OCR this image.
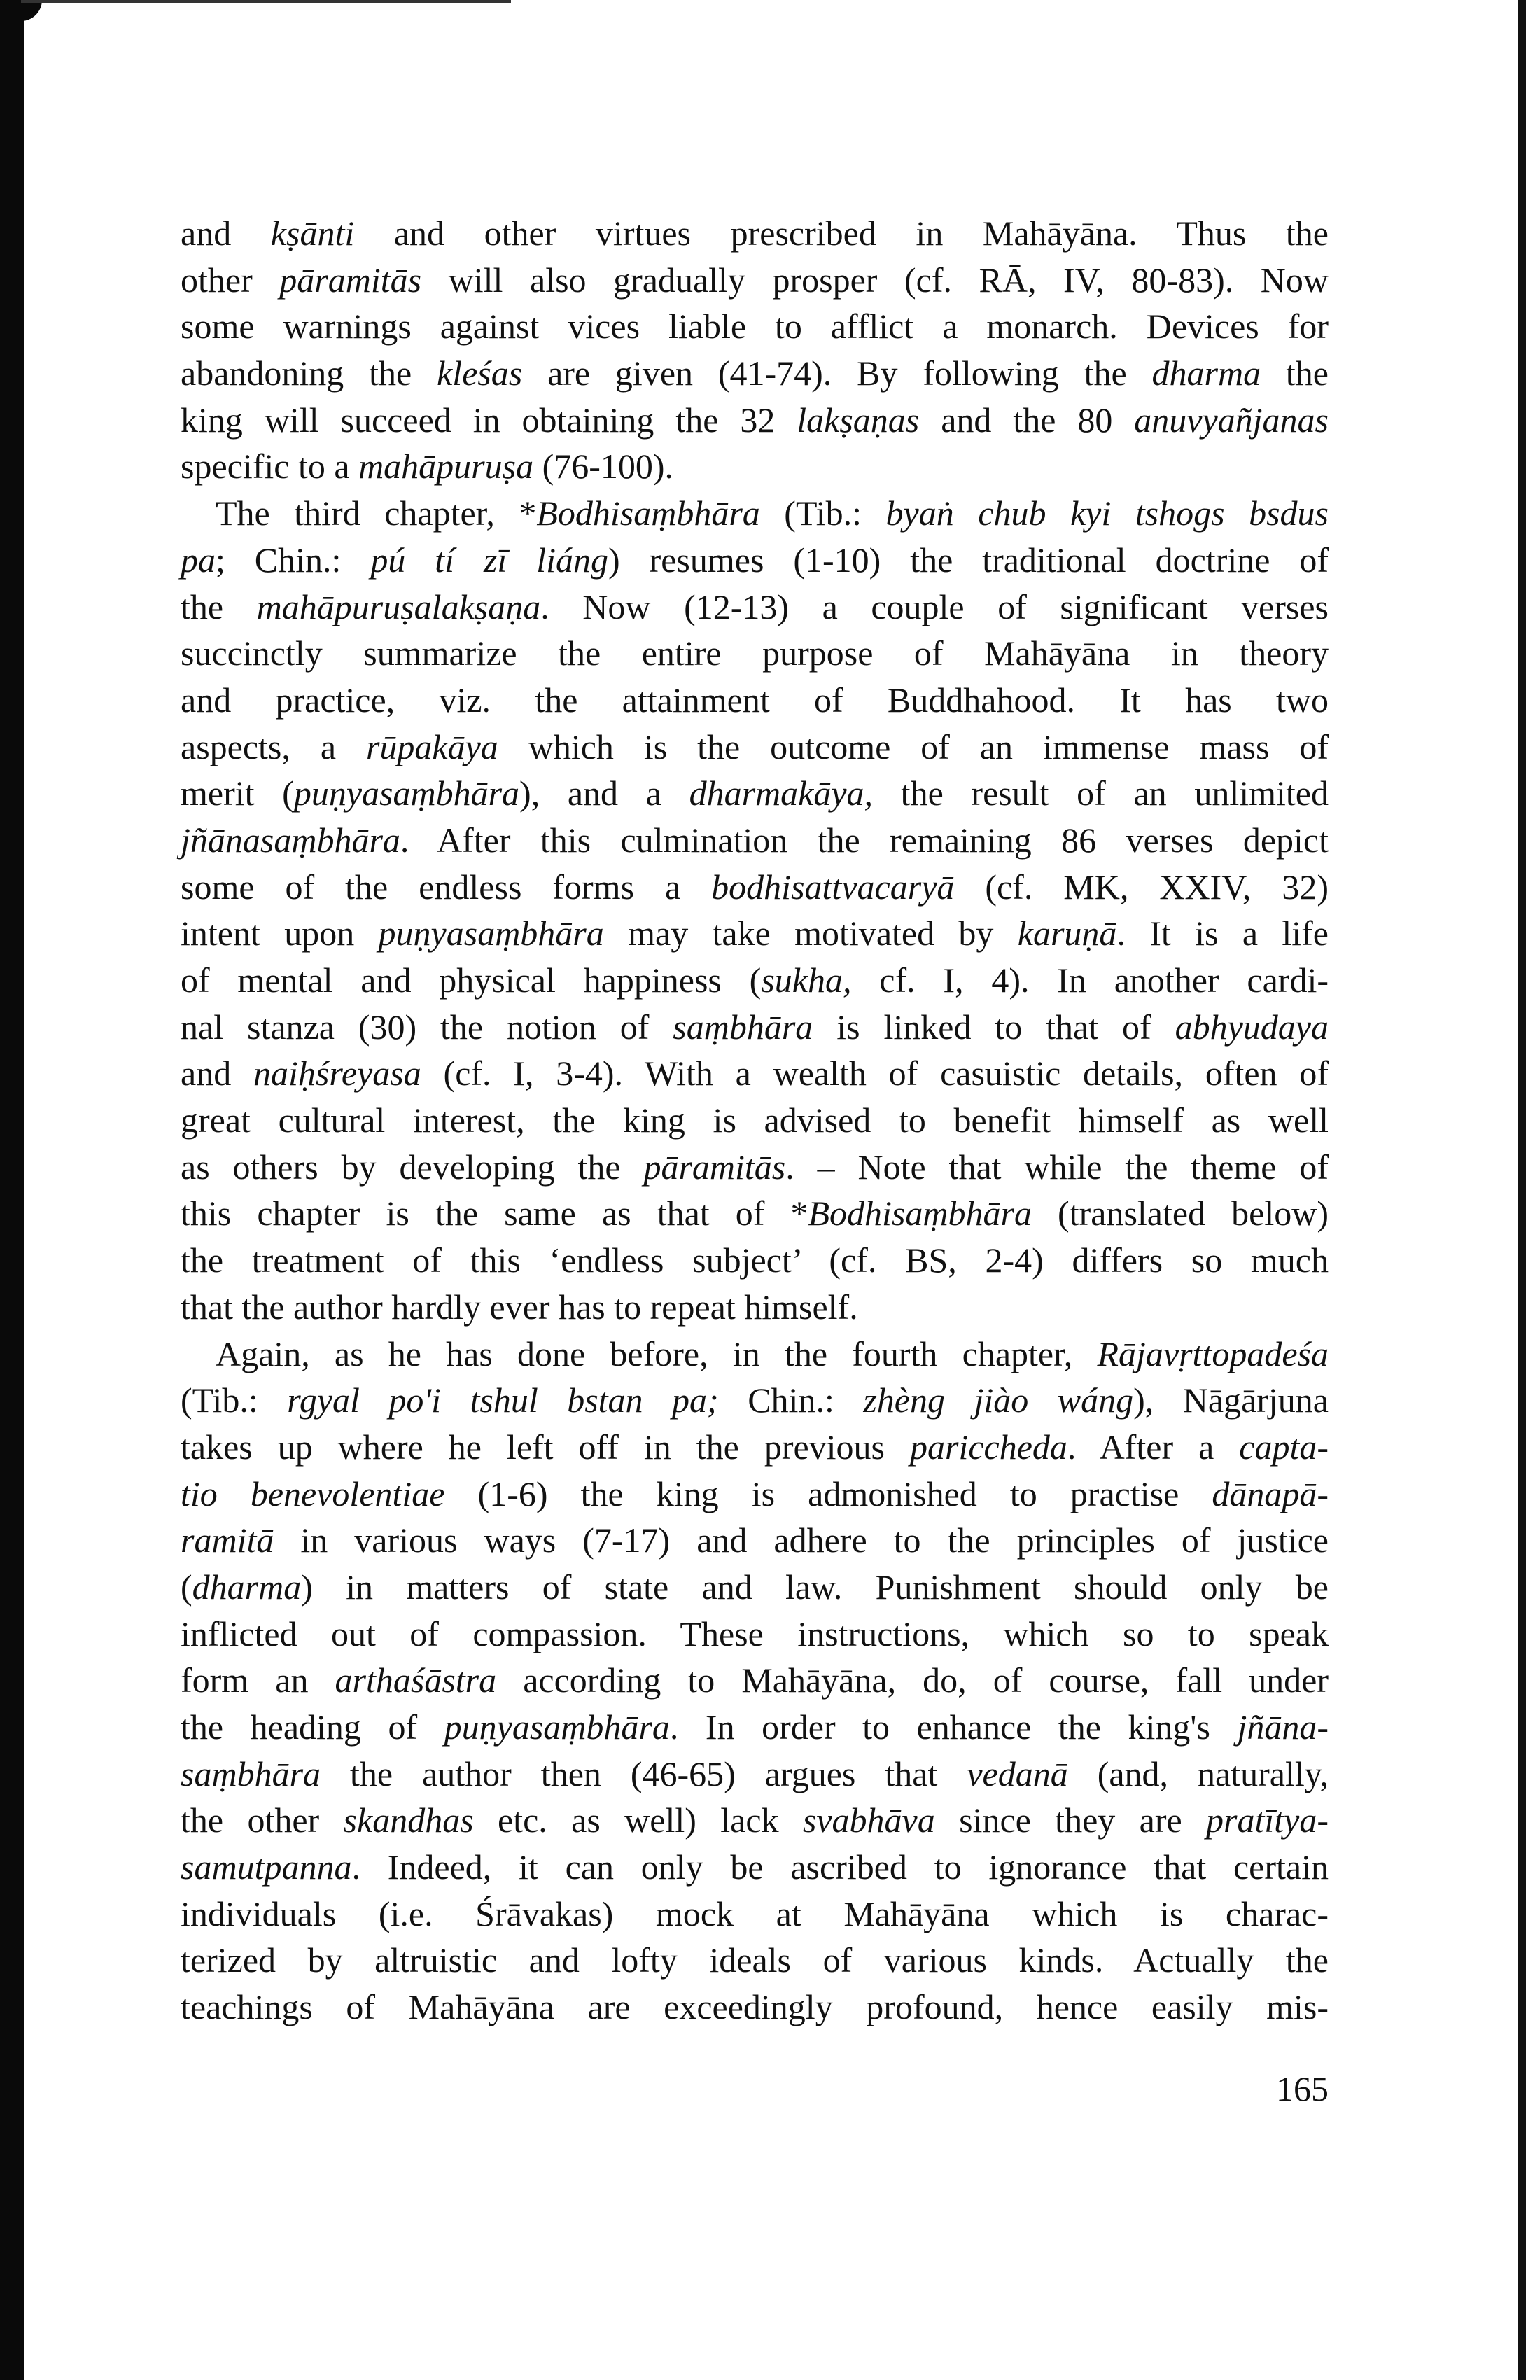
and kṣānti and other virtues prescribed in Mahāyāna. Thus the
other pāramitās will also gradually prosper (cf. RĀ, IV, 80-83). Now
some warnings against vices liable to afflict a monarch. Devices for
abandoning the kleśas are given (41-74). By following the dharma the
king will succeed in obtaining the 32 lakṣaṇas and the 80 anuvyañjanas
specific to a mahāpuruṣa (76-100).
The third chapter, *Bodhisaṃbhāra (Tib.: byaṅ chub kyi tshogs bsdus
pa; Chin.: pú tí zī liáng) resumes (1-10) the traditional doctrine of
the mahāpuruṣalakṣaṇa. Now (12-13) a couple of significant verses
succinctly summarize the entire purpose of Mahāyāna in theory
and practice, viz. the attainment of Buddhahood. It has two
aspects, a rūpakāya which is the outcome of an immense mass of
merit (puṇyasaṃbhāra), and a dharmakāya, the result of an unlimited
jñānasaṃbhāra. After this culmination the remaining 86 verses depict
some of the endless forms a bodhisattvacaryā (cf. MK, XXIV, 32)
intent upon puṇyasaṃbhāra may take motivated by karuṇā. It is a life
of mental and physical happiness (sukha, cf. I, 4). In another cardi-
nal stanza (30) the notion of saṃbhāra is linked to that of abhyudaya
and naiḥśreyasa (cf. I, 3-4). With a wealth of casuistic details, often of
great cultural interest, the king is advised to benefit himself as well
as others by developing the pāramitās. – Note that while the theme of
this chapter is the same as that of *Bodhisaṃbhāra (translated below)
the treatment of this ‘endless subject’ (cf. BS, 2-4) differs so much
that the author hardly ever has to repeat himself.
Again, as he has done before, in the fourth chapter, Rājavṛttopadeśa
(Tib.: rgyal po'i tshul bstan pa; Chin.: zhèng jiào wáng), Nāgārjuna
takes up where he left off in the previous pariccheda. After a capta-
tio benevolentiae (1-6) the king is admonished to practise dānapā-
ramitā in various ways (7-17) and adhere to the principles of justice
(dharma) in matters of state and law. Punishment should only be
inflicted out of compassion. These instructions, which so to speak
form an arthaśāstra according to Mahāyāna, do, of course, fall under
the heading of puṇyasaṃbhāra. In order to enhance the king's jñāna-
saṃbhāra the author then (46-65) argues that vedanā (and, naturally,
the other skandhas etc. as well) lack svabhāva since they are pratītya-
samutpanna. Indeed, it can only be ascribed to ignorance that certain
individuals (i.e. Śrāvakas) mock at Mahāyāna which is charac-
terized by altruistic and lofty ideals of various kinds. Actually the
teachings of Mahāyāna are exceedingly profound, hence easily mis-
165
